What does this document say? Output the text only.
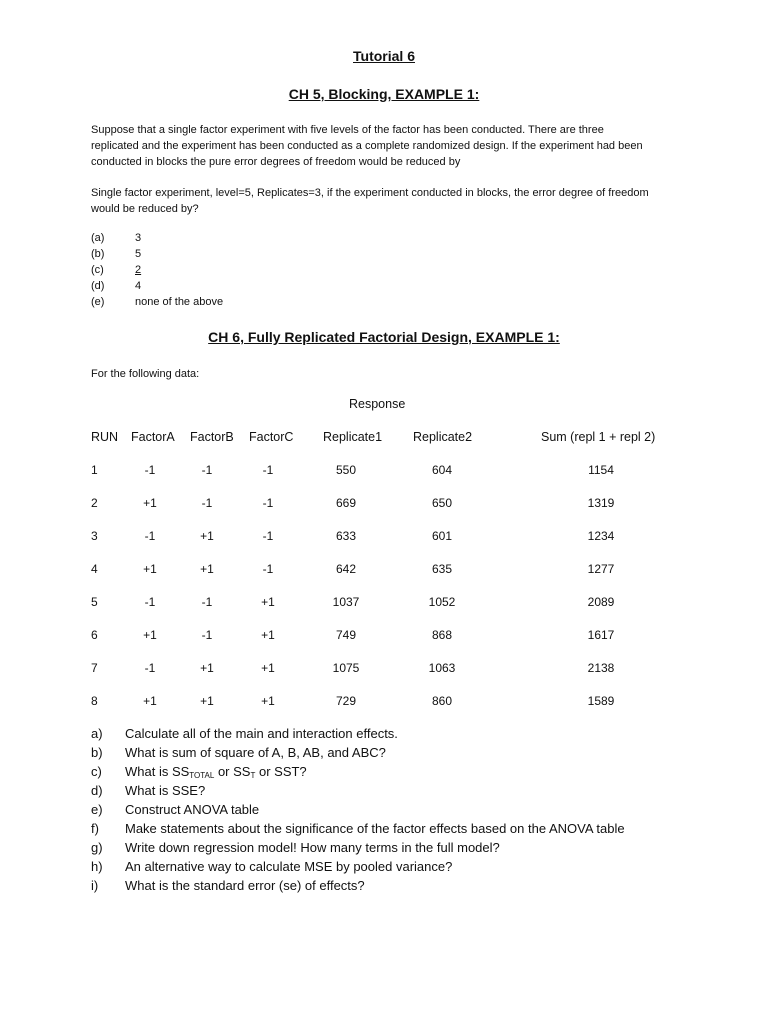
Tutorial 6
CH 5, Blocking, EXAMPLE 1:
Suppose that a single factor experiment with five levels of the factor has been conducted. There are three
replicated and the experiment has been conducted as a complete randomized design. If the experiment had been
conducted in blocks the pure error degrees of freedom would be reduced by
Single factor experiment, level=5, Replicates=3, if the experiment conducted in blocks, the error degree of freedom
would be reduced by?
(a)	3
(b)	5
(c)	2
(d)	4
(e)	none of the above
CH 6, Fully Replicated Factorial Design, EXAMPLE 1:
For the following data:
Response
RUN FactorA FactorB FactorC Replicate1 Replicate2	Sum (repl 1 + repl 2)
1	-1	-1	-1	550	604	1154
2	+1	-1	-1	669	650	1319
3	-1	+1	-1	633	601	1234
4	+1	+1	-1	642	635	1277
5	-1	-1	+1	1037	1052	2089
6	+1	-1	+1	749	868	1617
7	-1	+1	+1	1075	1063	2138
8	+1	+1	+1	729	860	1589
a) Calculate all of the main and interaction effects.
b) What is sum of square of A, B, AB, and ABC?
c) What is $SS_{TOTAL}$ or $SS_T$ or SST?
d) What is SSE?
e) Construct ANOVA table
f) Make statements about the significance of the factor effects based on the ANOVA table
g) Write down regression model! How many terms in the full model?
h) An alternative way to calculate MSE by pooled variance?
i) What is the standard error (se) of effects?
